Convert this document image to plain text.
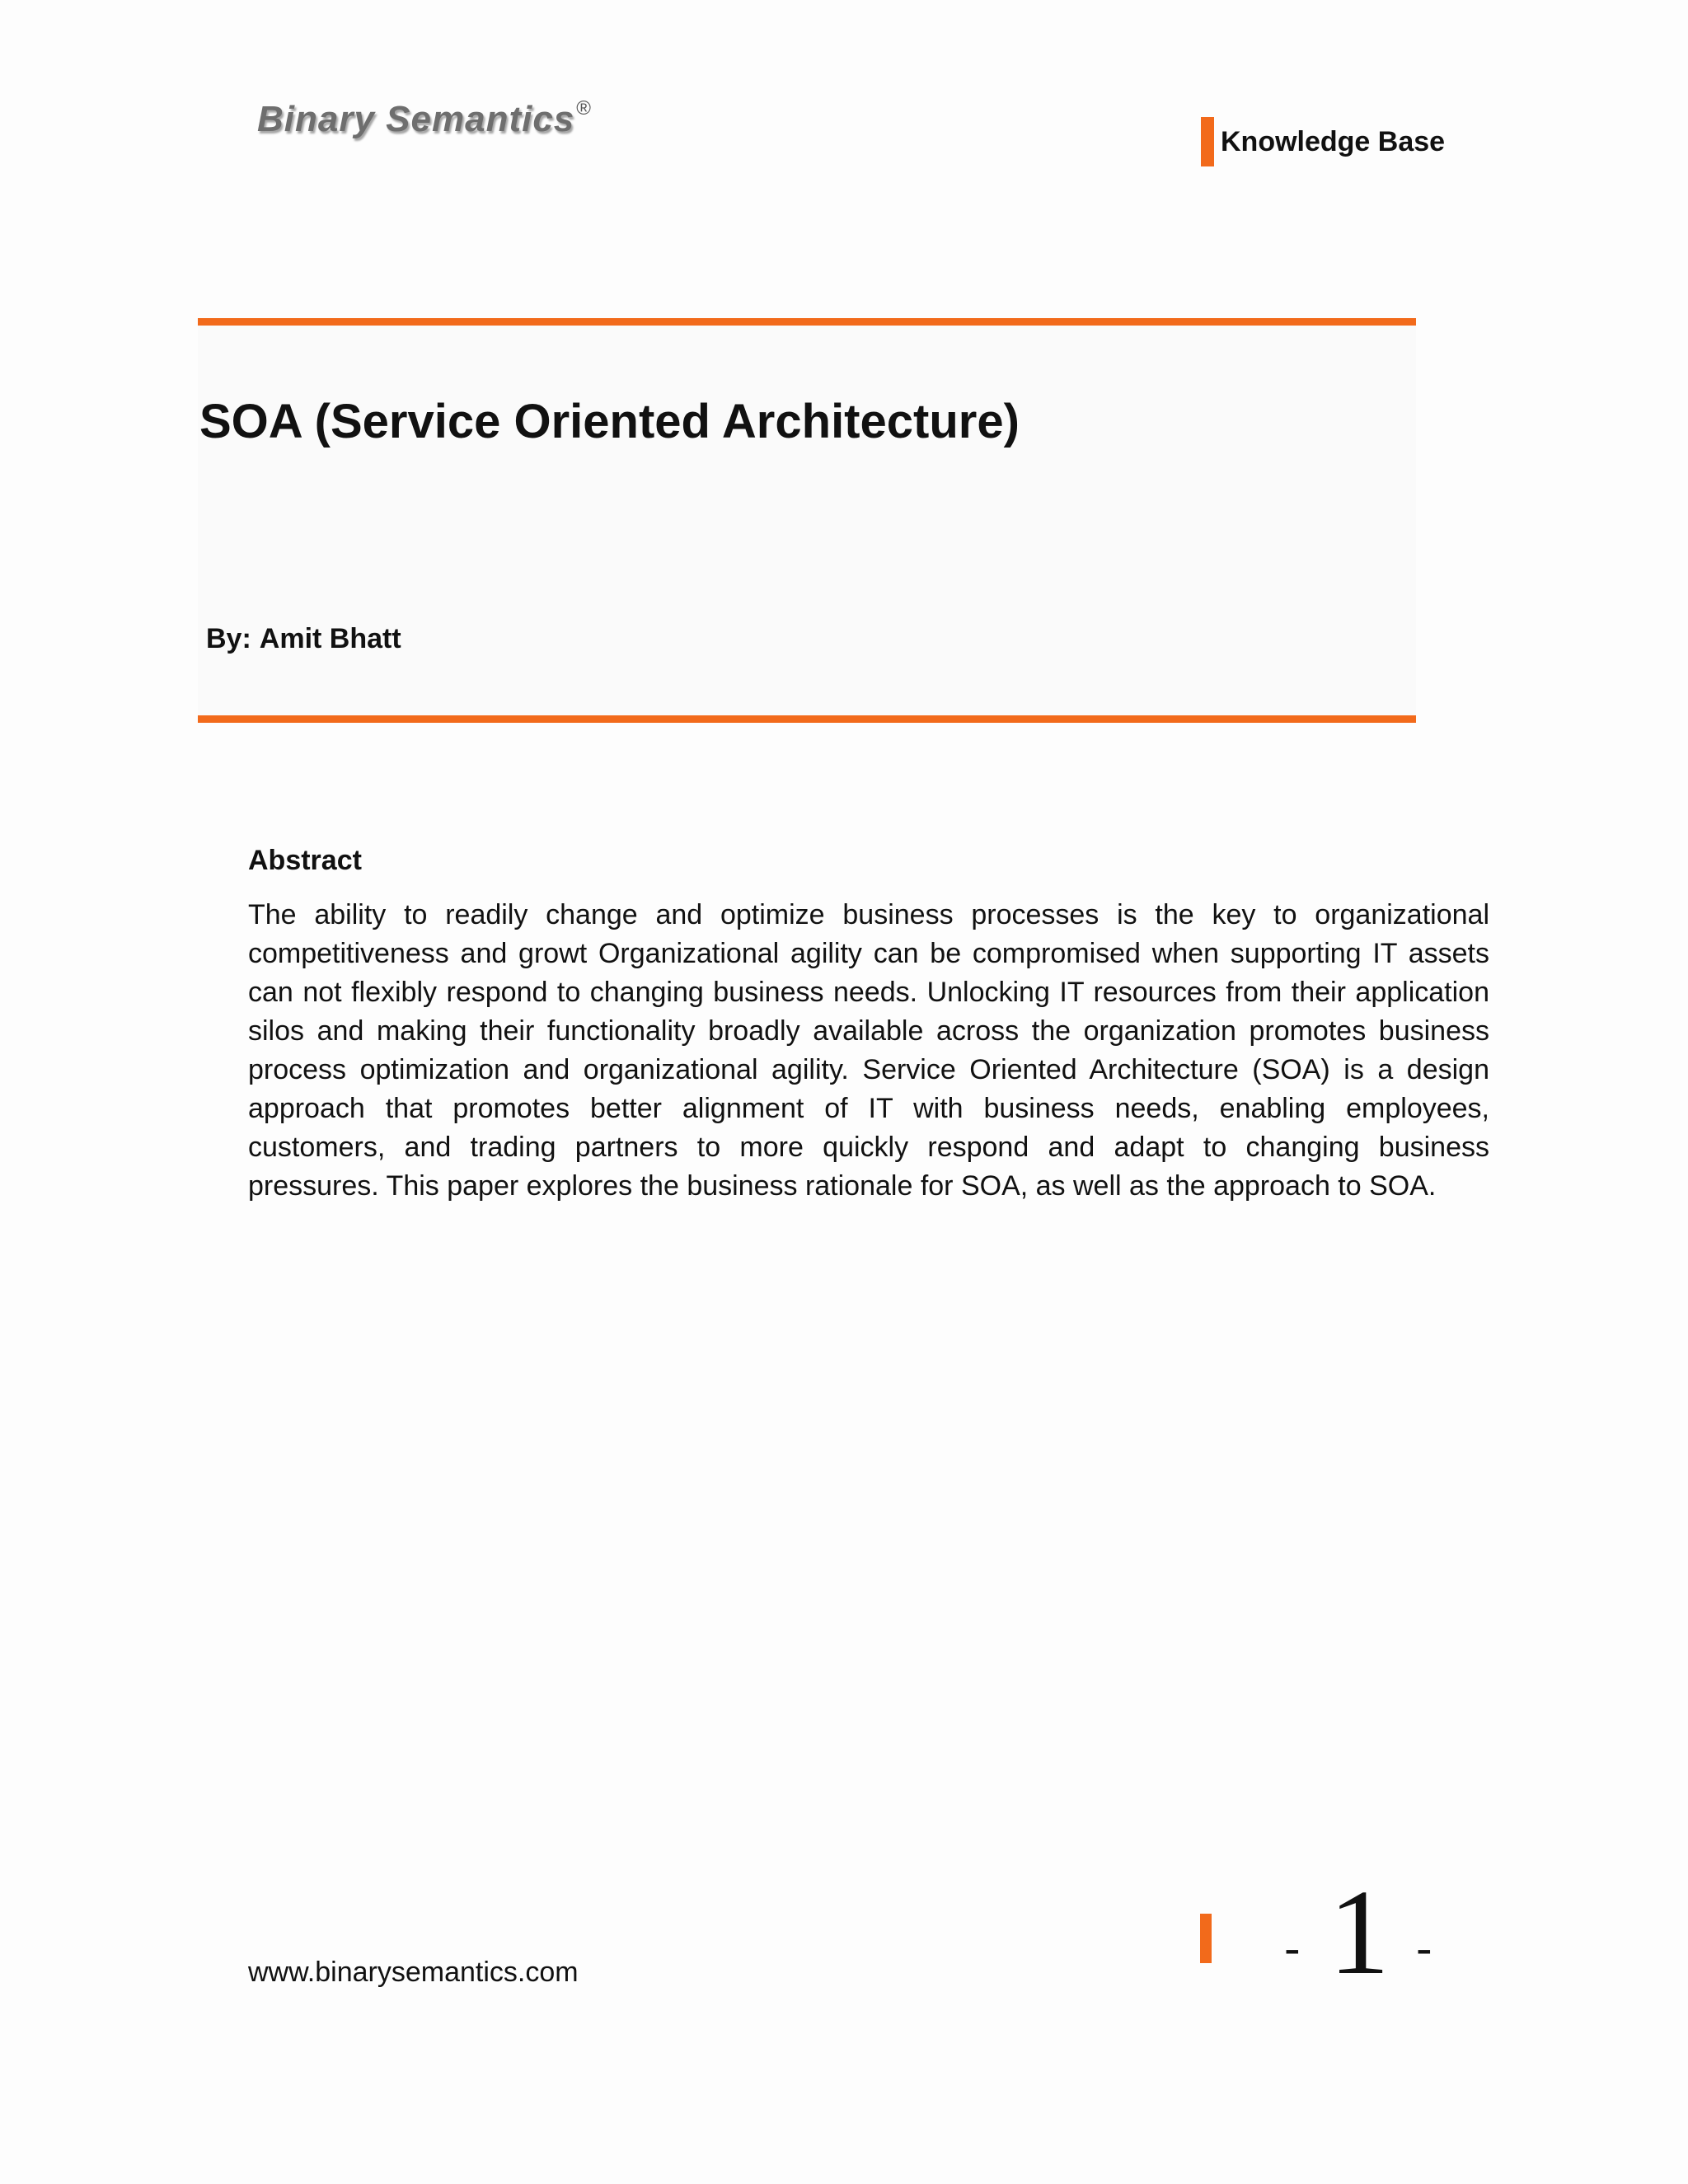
Binary Semantics®
Knowledge Base
SOA (Service Oriented Architecture)
By: Amit Bhatt
Abstract

The ability to readily change and optimize business processes is the key to organizational competitiveness and growt Organizational agility can be compromised when supporting IT assets can not flexibly respond to changing business needs. Unlocking IT resources from their application silos and making their functionality broadly available across the organization promotes business process optimization and organizational agility. Service Oriented Architecture (SOA) is a design approach that promotes better alignment of IT with business needs, enabling employees, customers, and trading partners to more quickly respond and adapt to changing business pressures. This paper explores the business rationale for SOA, as well as the approach to SOA.

www.binarysemantics.com	- 1 -
